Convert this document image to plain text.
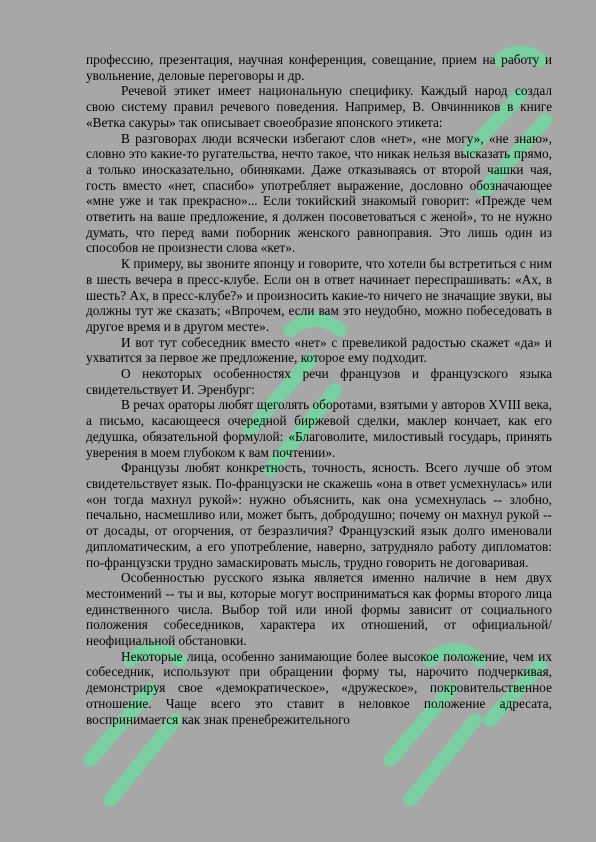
профессию, презентация, научная конференция, совещание, прием на работу и увольнение, деловые переговоры и др.

Речевой этикет имеет национальную специфику. Каждый народ создал свою систему правил речевого поведения. Например, В. Овчинников в книге «Ветка сакуры» так описывает своеобразие японского этикета:

В разговорах люди всячески избегают слов «нет», «не могу», «не знаю», словно это какие-то ругательства, нечто такое, что никак нельзя высказать прямо, а только иносказательно, обиняками. Даже отказываясь от второй чашки чая, гость вместо «нет, спасибо» употребляет выражение, дословно обозначающее «мне уже и так прекрасно»... Если токийский знакомый говорит: «Прежде чем ответить на ваше предложение, я должен посоветоваться с женой», то не нужно думать, что перед вами поборник женского равноправия. Это лишь один из способов не произнести слова «кет».

К примеру, вы звоните японцу и говорите, что хотели бы встретиться с ним в шесть вечера в пресс-клубе. Если он в ответ начинает переспрашивать: «Ах, в шесть? Ах, в пресс-клубе?» и произносить какие-то ничего не значащие звуки, вы должны тут же сказать; «Впрочем, если вам это неудобно, можно побеседовать в другое время и в другом месте».

И вот тут собеседник вместо «нет» с превеликой радостью скажет «да» и ухватится за первое же предложение, которое ему подходит.

О некоторых особенностях речи французов и французского языка свидетельствует И. Эренбург:

В речах ораторы любят щеголять оборотами, взятыми у авторов XVIII века, а письмо, касающееся очередной биржевой сделки, маклер кончает, как его дедушка, обязательной формулой: «Благоволите, милостивый государь, принять уверения в моем глубоком к вам почтении».

Французы любят конкретность, точность, ясность. Всего лучше об этом свидетельствует язык. По-французски не скажешь «она в ответ усмехнулась» или «он тогда махнул рукой»: нужно объяснить, как она усмехнулась -- злобно, печально, насмешливо или, может быть, добродушно; почему он махнул рукой -- от досады, от огорчения, от безразличия? Французский язык долго именовали дипломатическим, а его употребление, наверно, затрудняло работу дипломатов: по-французски трудно замаскировать мысль, трудно говорить не договаривая.

Особенностью русского языка является именно наличие в нем двух местоимений -- ты и вы, которые могут восприниматься как формы второго лица единственного числа. Выбор той или иной формы зависит от социального положения собеседников, характера их отношений, от официальной/неофициальной обстановки.

Некоторые лица, особенно занимающие более высокое положение, чем их собеседник, используют при обращении форму ты, нарочито подчеркивая, демонстрируя свое «демократическое», «дружеское», покровительственное отношение. Чаще всего это ставит в неловкое положение адресата, воспринимается как знак пренебрежительного
